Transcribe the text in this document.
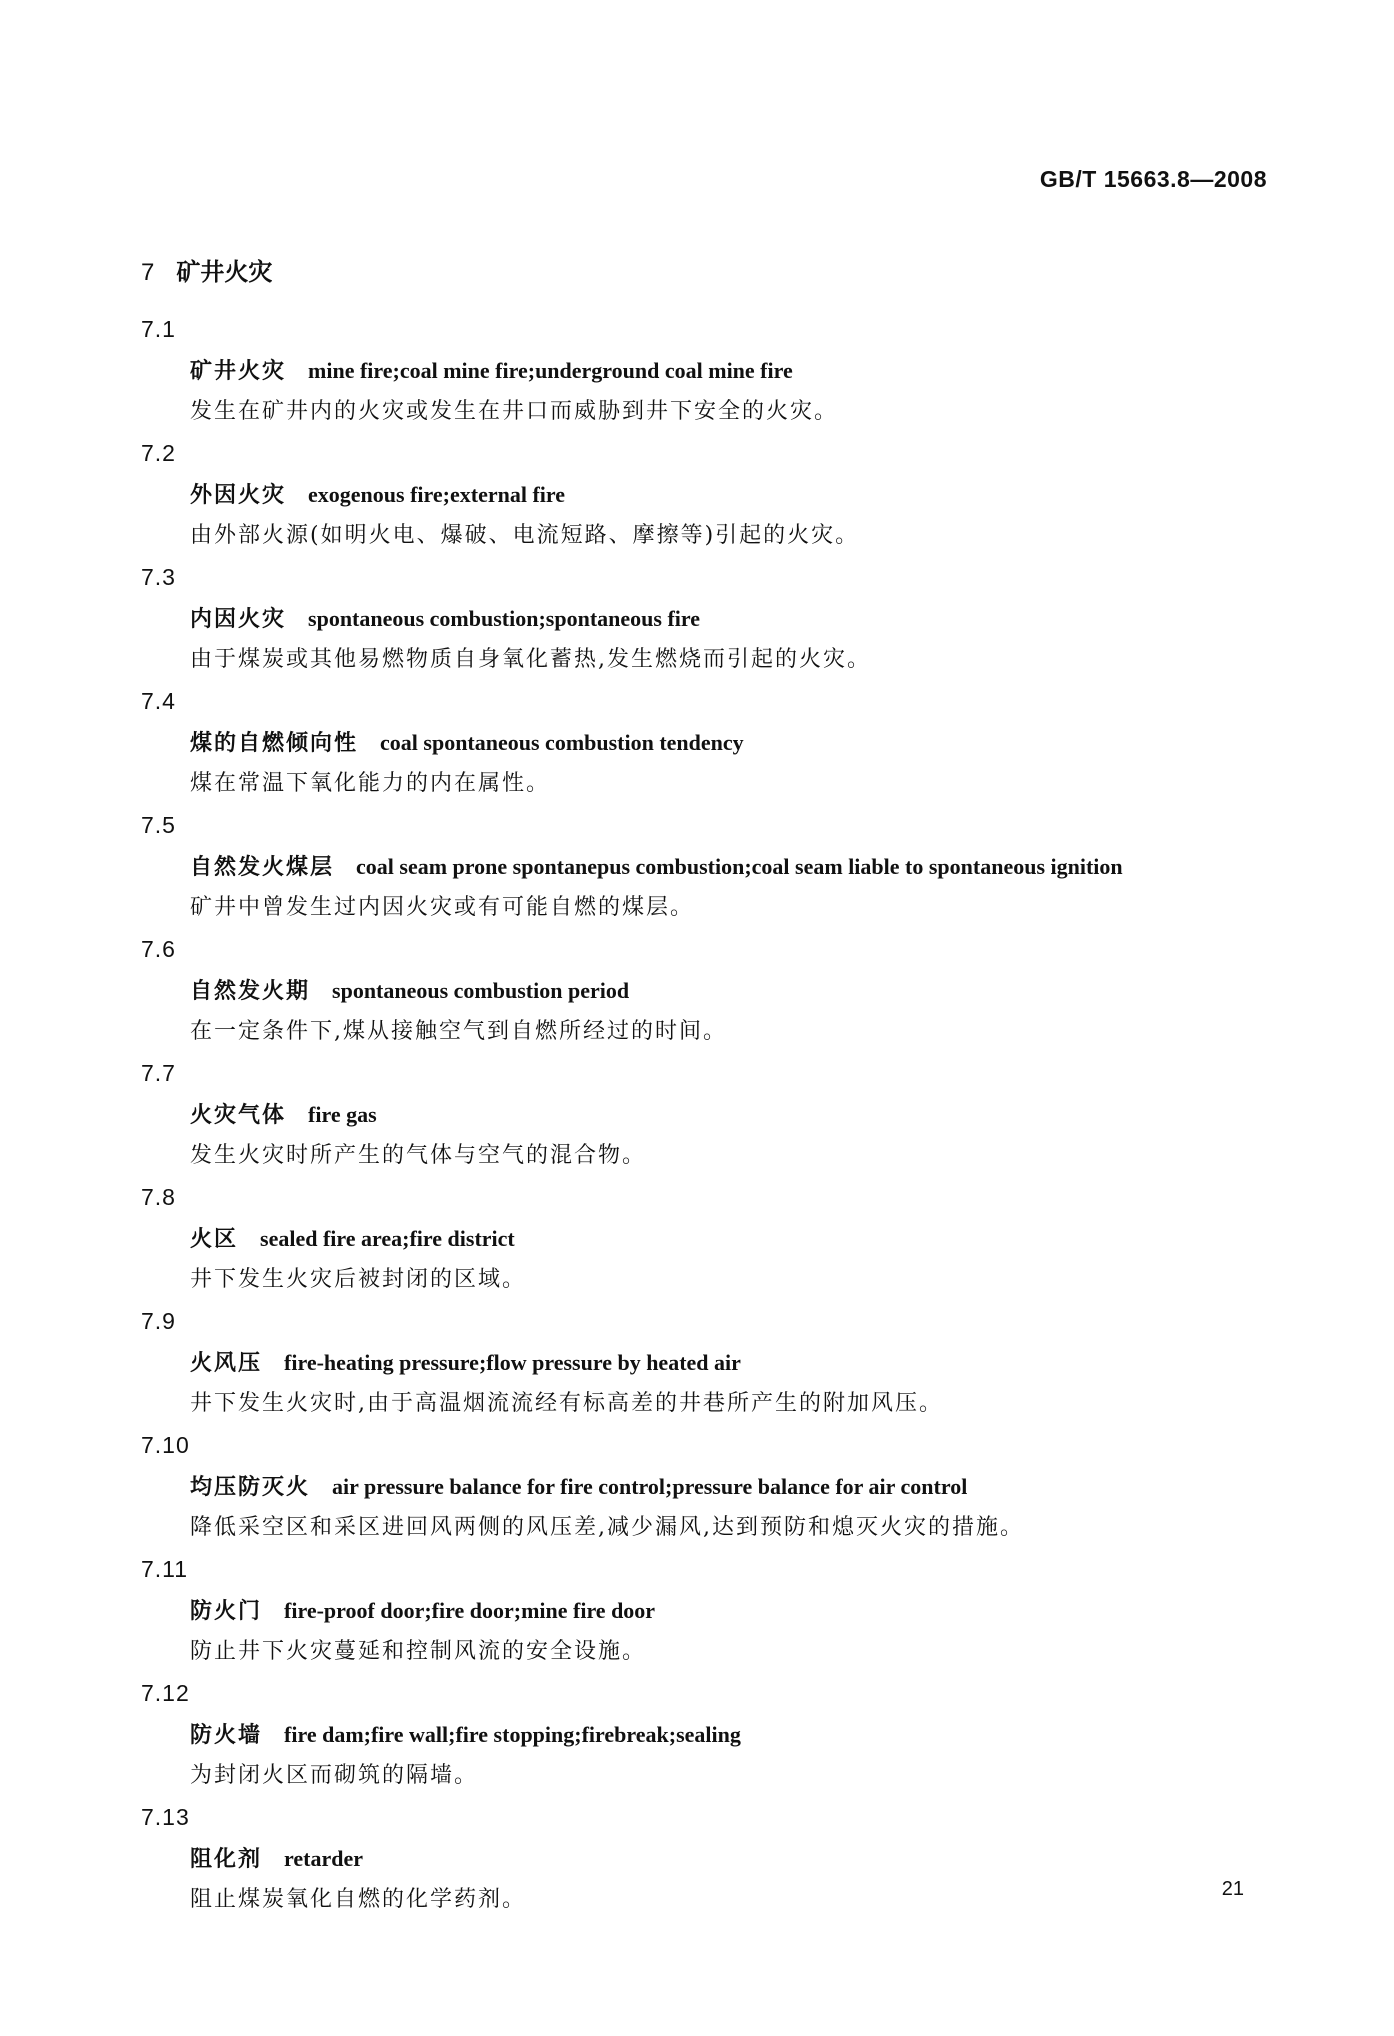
GB/T 15663.8—2008
7 矿井火灾
7.1
矿井火灾 mine fire;coal mine fire;underground coal mine fire
发生在矿井内的火灾或发生在井口而威胁到井下安全的火灾。
7.2
外因火灾 exogenous fire;external fire
由外部火源(如明火电、爆破、电流短路、摩擦等)引起的火灾。
7.3
内因火灾 spontaneous combustion;spontaneous fire
由于煤炭或其他易燃物质自身氧化蓄热,发生燃烧而引起的火灾。
7.4
煤的自燃倾向性 coal spontaneous combustion tendency
煤在常温下氧化能力的内在属性。
7.5
自然发火煤层 coal seam prone spontanepus combustion;coal seam liable to spontaneous ignition
矿井中曾发生过内因火灾或有可能自燃的煤层。
7.6
自然发火期 spontaneous combustion period
在一定条件下,煤从接触空气到自燃所经过的时间。
7.7
火灾气体 fire gas
发生火灾时所产生的气体与空气的混合物。
7.8
火区 sealed fire area;fire district
井下发生火灾后被封闭的区域。
7.9
火风压 fire-heating pressure;flow pressure by heated air
井下发生火灾时,由于高温烟流流经有标高差的井巷所产生的附加风压。
7.10
均压防灭火 air pressure balance for fire control;pressure balance for air control
降低采空区和采区进回风两侧的风压差,减少漏风,达到预防和熄灭火灾的措施。
7.11
防火门 fire-proof door;fire door;mine fire door
防止井下火灾蔓延和控制风流的安全设施。
7.12
防火墙 fire dam;fire wall;fire stopping;firebreak;sealing
为封闭火区而砌筑的隔墙。
7.13
阻化剂 retarder
阻止煤炭氧化自燃的化学药剂。	21
